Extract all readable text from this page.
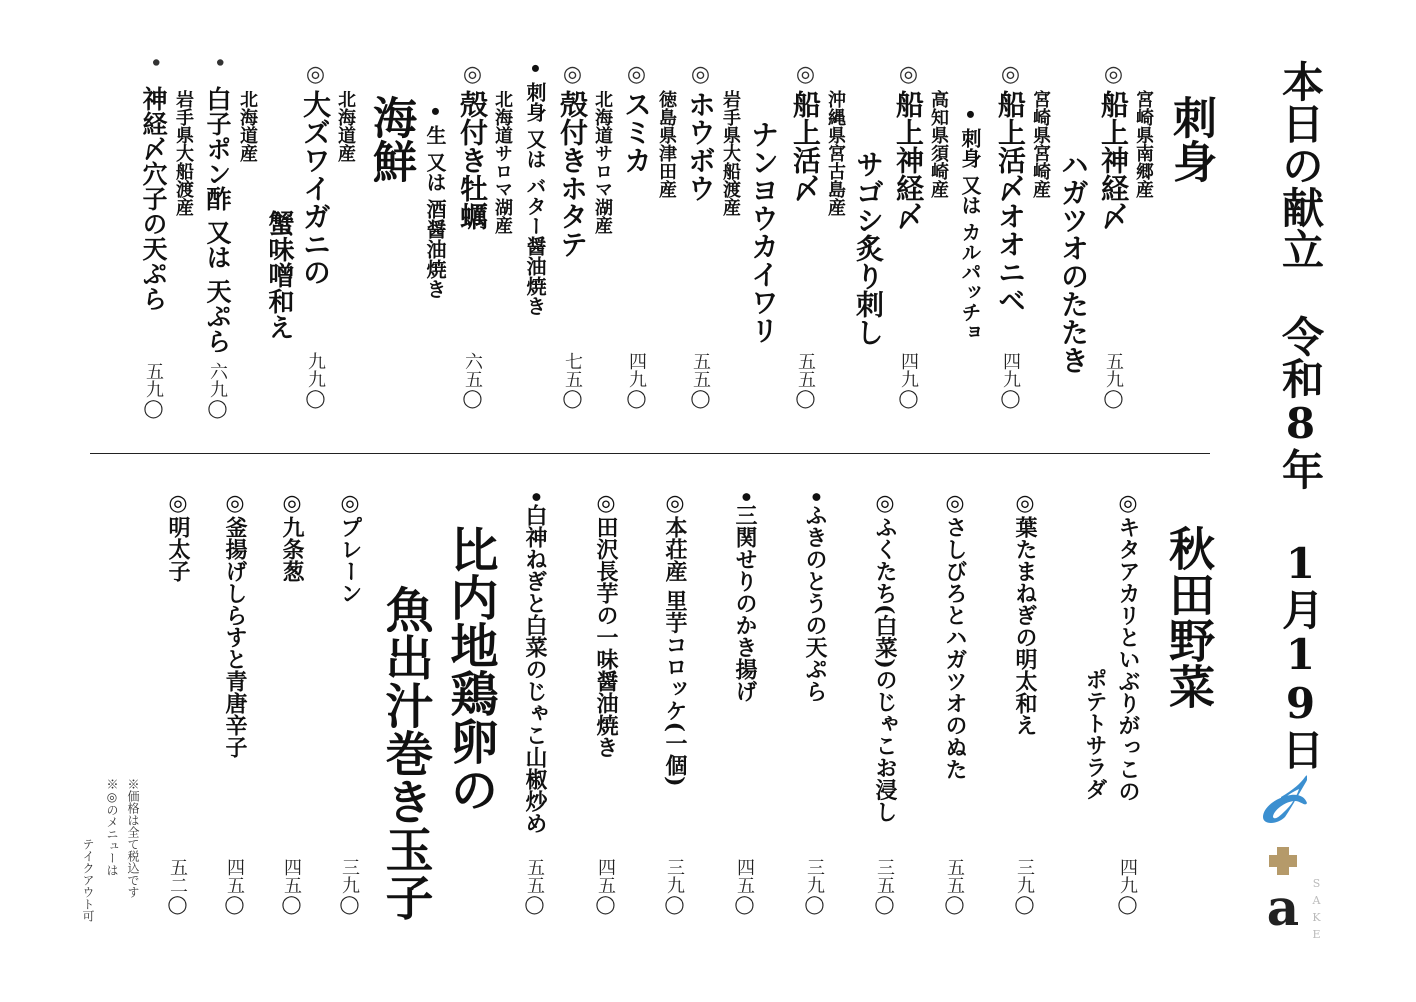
本日の献立
令和8年 1月19日
刺身
◎
宮崎県南郷産
船上神経〆
ハガツオのたたき
五九◯
◎
宮崎県宮崎産
船上活〆オオニベ
• 刺身 又は カルパッチョ
四九◯
◎
高知県須崎産
船上神経〆
サゴシ炙り刺し
四九◯
◎
沖縄県宮古島産
船上活〆
ナンヨウカイワリ
五五◯
◎
岩手県大船渡産
ホウボウ
五五◯
◎
徳島県津田産
スミカ
四九◯
◎
北海道サロマ湖産
殻付きホタテ
• 刺身 又は バター醤油焼き
七五◯
◎
北海道サロマ湖産
殻付き牡蠣
• 生 又は 酒醤油焼き
六五◯
海鮮
◎
北海道産
大ズワイガニの
蟹味噌和え
九九◯
•
北海道産
白子ポン酢 又は 天ぷら
六九◯
•
岩手県大船渡産
神経〆穴子の天ぷら
五九◯
秋田野菜
◎キタアカリといぶりがっこの
ポテトサラダ
四九◯
◎葉たまねぎの明太和え
三九◯
◎さしびろとハガツオのぬた
五五◯
◎ふくたち(白菜)のじゃこお浸し
三五◯
•ふきのとうの天ぷら
三九◯
•三関せりのかき揚げ
四五◯
◎本荘産 里芋コロッケ(一個)
三九◯
◎田沢長芋の一味醤油焼き
四五◯
•白神ねぎと白菜のじゃこ山椒炒め
五五◯
比内地鶏卵の
魚出汁巻き玉子
◎プレーン
三九◯
◎九条葱
四五◯
◎釜揚げしらすと青唐辛子
四五◯
◎明太子
五二◯
※価格は全て税込です
※◎のメニューは
テイクアウト可	a SAKE
